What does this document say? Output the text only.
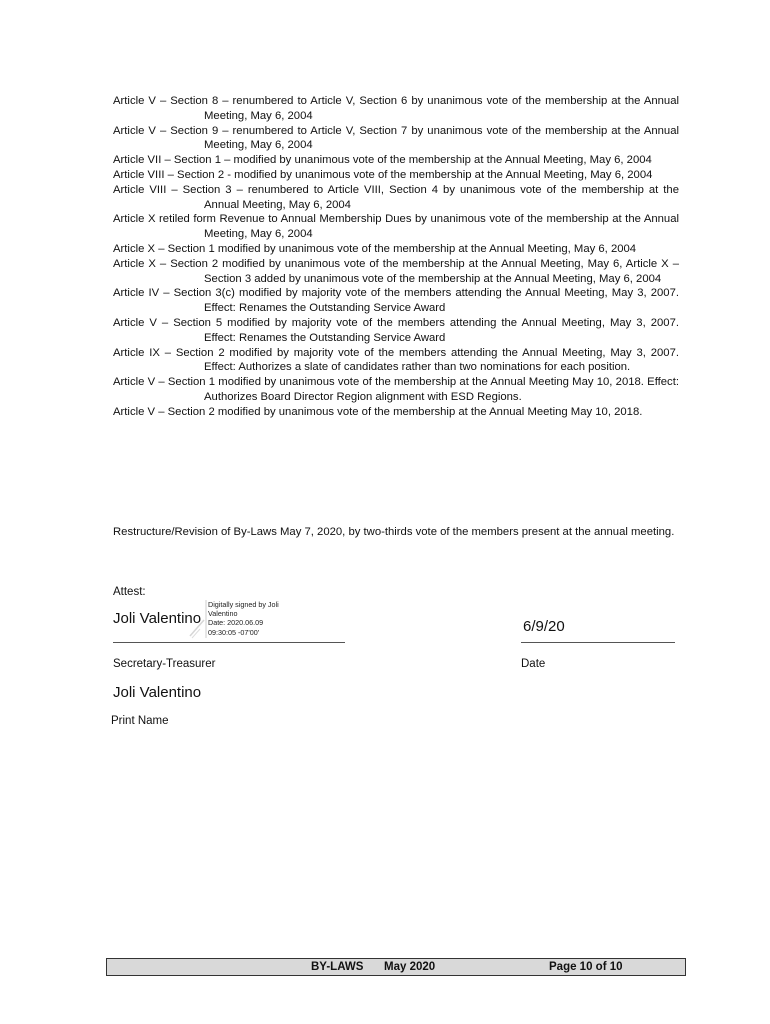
Article V – Section 8 – renumbered to Article V, Section 6 by unanimous vote of the membership at the Annual Meeting, May 6, 2004

Article V – Section 9 – renumbered to Article V, Section 7 by unanimous vote of the membership at the Annual Meeting, May 6, 2004

Article VII – Section 1 – modified by unanimous vote of the membership at the Annual Meeting, May 6, 2004

Article VIII – Section 2 - modified by unanimous vote of the membership at the Annual Meeting, May 6, 2004

Article VIII – Section 3 – renumbered to Article VIII, Section 4 by unanimous vote of the membership at the Annual Meeting, May 6, 2004

Article X retiled form Revenue to Annual Membership Dues by unanimous vote of the membership at the Annual Meeting, May 6, 2004

Article X – Section 1 modified by unanimous vote of the membership at the Annual Meeting, May 6, 2004

Article X – Section 2 modified by unanimous vote of the membership at the Annual Meeting, May 6, Article X – Section 3 added by unanimous vote of the membership at the Annual Meeting, May 6, 2004

Article IV – Section 3(c) modified by majority vote of the members attending the Annual Meeting, May 3, 2007. Effect: Renames the Outstanding Service Award

Article V – Section 5 modified by majority vote of the members attending the Annual Meeting, May 3, 2007. Effect: Renames the Outstanding Service Award

Article IX – Section 2 modified by majority vote of the members attending the Annual Meeting, May 3, 2007. Effect: Authorizes a slate of candidates rather than two nominations for each position.

Article V – Section 1 modified by unanimous vote of the membership at the Annual Meeting May 10, 2018. Effect: Authorizes Board Director Region alignment with ESD Regions.

Article V – Section 2 modified by unanimous vote of the membership at the Annual Meeting May 10, 2018.

Restructure/Revision of By-Laws May 7, 2020, by two-thirds vote of the members present at the annual meeting.

Attest:
Joli Valentino
Digitally signed by Joli
Valentino
Date: 2020.06.09
09:30:05 -07'00'	6/9/20
Secretary-Treasurer	Date
Joli Valentino
Print Name
BY-LAWS May 2020	Page 10 of 10
